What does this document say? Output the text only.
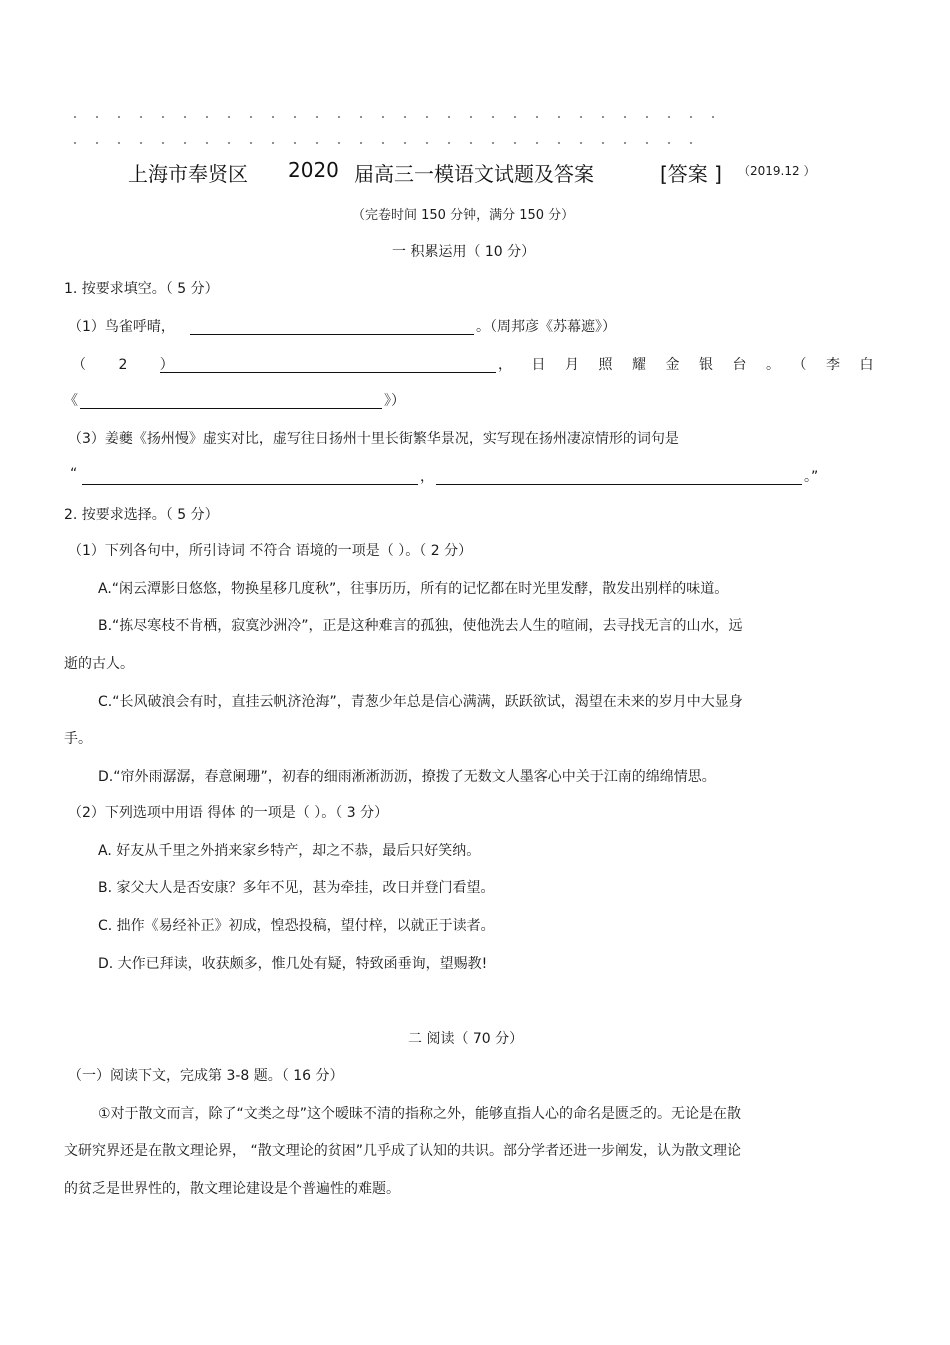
上海市奉贤区 2020 届高三一模语文试题及答案	[答案 ] （2019.12 ）
（完卷时间 150 分钟，满分 150 分）
一 积累运用（ 10 分）
1. 按要求填空。（ 5 分）
（1）鸟雀呼晴，	。（周邦彦《苏幕遮》）
（ 2 ）	，日月照耀金银台。（李白
《	》）
（3）姜夔《扬州慢》虚实对比，虚写往日扬州十里长街繁华景况，实写现在扬州凄凉情形的词句是
“	，	。”
2. 按要求选择。（ 5 分）
（1）下列各句中，所引诗词 不符合 语境的一项是（ ）。（ 2 分）
A.“闲云潭影日悠悠，物换星移几度秋”，往事历历，所有的记忆都在时光里发酵，散发出别样的味道。
B.“拣尽寒枝不肯栖，寂寞沙洲冷”，正是这种难言的孤独，使他洗去人生的喧闹，去寻找无言的山水，远
逝的古人。
C.“长风破浪会有时，直挂云帆济沧海”，青葱少年总是信心满满，跃跃欲试，渴望在未来的岁月中大显身
手。
D.“帘外雨潺潺，春意阑珊”，初春的细雨淅淅沥沥，撩拨了无数文人墨客心中关于江南的绵绵情思。
（2）下列选项中用语 得体 的一项是（ ）。（ 3 分）
A. 好友从千里之外捎来家乡特产，却之不恭，最后只好笑纳。
B. 家父大人是否安康？多年不见，甚为牵挂，改日并登门看望。
C. 拙作《易经补正》初成，惶恐投稿，望付梓，以就正于读者。
D. 大作已拜读，收获颇多，惟几处有疑，特致函垂询，望赐教!
二 阅读（ 70 分）
（一）阅读下文，完成第 3-8 题。（ 16 分）
①对于散文而言，除了“文类之母”这个暧昧不清的指称之外，能够直指人心的命名是匮乏的。无论是在散
文研究界还是在散文理论界， “散文理论的贫困”几乎成了认知的共识。部分学者还进一步阐发，认为散文理论
的贫乏是世界性的，散文理论建设是个普遍性的难题。
